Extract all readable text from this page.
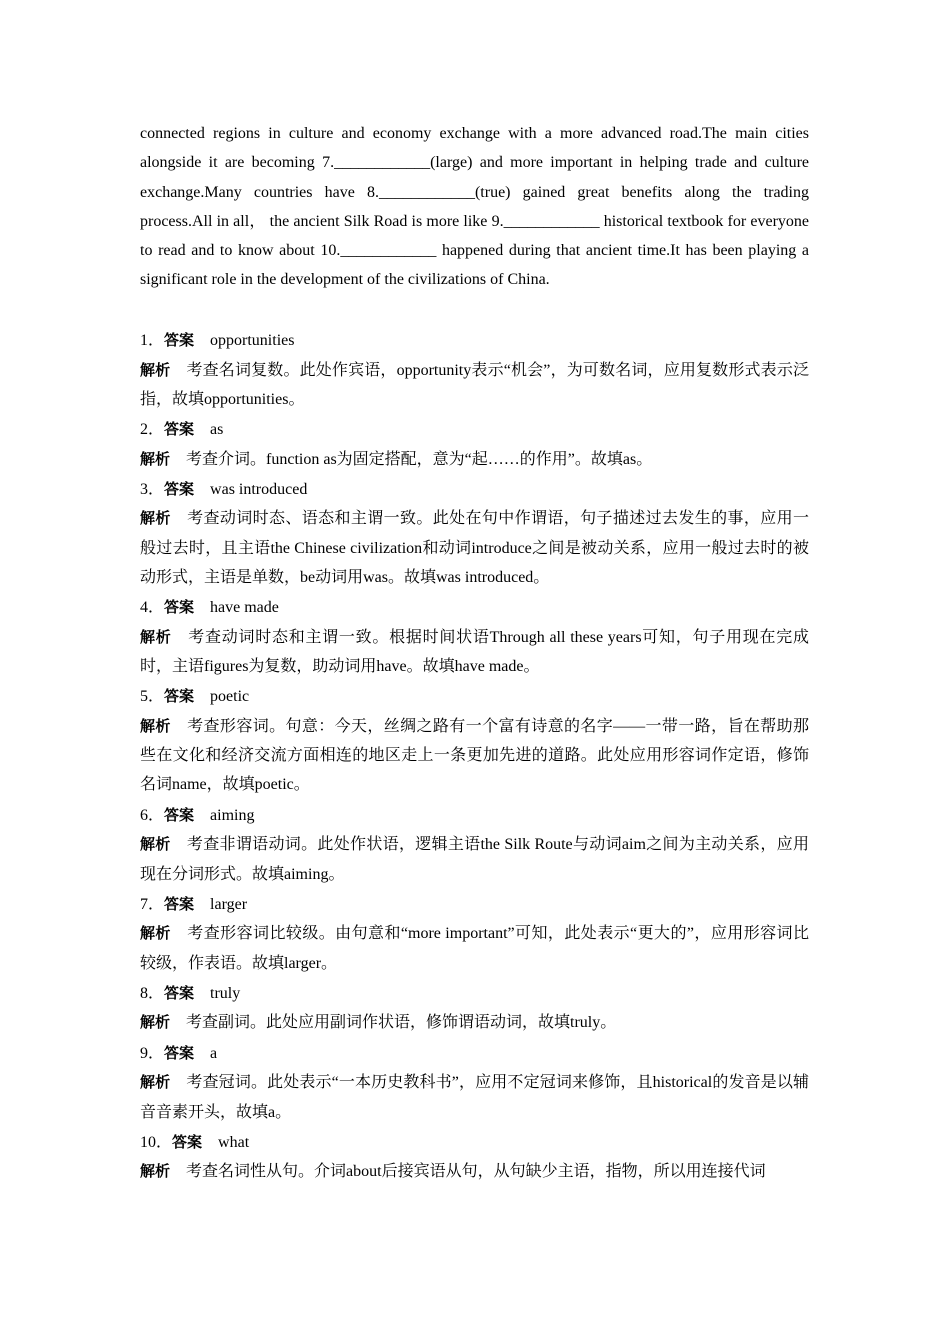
connected regions in culture and economy exchange with a more advanced road.The main cities alongside it are becoming 7.____________(large) and more important in helping trade and culture exchange.Many countries have 8.____________(true) gained great benefits along the trading process.All in all， the ancient Silk Road is more like 9.____________ historical textbook for everyone to read and to know about 10.____________ happened during that ancient time.It has been playing a significant role in the development of the civilizations of China.

1．答案 opportunities
解析 考查名词复数。此处作宾语，opportunity表示“机会”，为可数名词，应用复数形式表示泛指，故填opportunities。
2．答案 as
解析 考查介词。function as为固定搭配，意为“起……的作用”。故填as。
3．答案 was introduced
解析 考查动词时态、语态和主谓一致。此处在句中作谓语，句子描述过去发生的事，应用一般过去时，且主语the Chinese civilization和动词introduce之间是被动关系，应用一般过去时的被动形式，主语是单数，be动词用was。故填was introduced。
4．答案 have made
解析 考查动词时态和主谓一致。根据时间状语Through all these years可知，句子用现在完成时，主语figures为复数，助动词用have。故填have made。
5．答案 poetic
解析 考查形容词。句意：今天，丝绸之路有一个富有诗意的名字——一带一路，旨在帮助那些在文化和经济交流方面相连的地区走上一条更加先进的道路。此处应用形容词作定语，修饰名词name，故填poetic。
6．答案 aiming
解析 考查非谓语动词。此处作状语，逻辑主语the Silk Route与动词aim之间为主动关系，应用现在分词形式。故填aiming。
7．答案 larger
解析 考查形容词比较级。由句意和“more important”可知，此处表示“更大的”，应用形容词比较级，作表语。故填larger。
8．答案 truly
解析 考查副词。此处应用副词作状语，修饰谓语动词，故填truly。
9．答案 a
解析 考查冠词。此处表示“一本历史教科书”，应用不定冠词来修饰，且historical的发音是以辅音音素开头，故填a。
10．答案 what
解析 考查名词性从句。介词about后接宾语从句，从句缺少主语，指物，所以用连接代词
